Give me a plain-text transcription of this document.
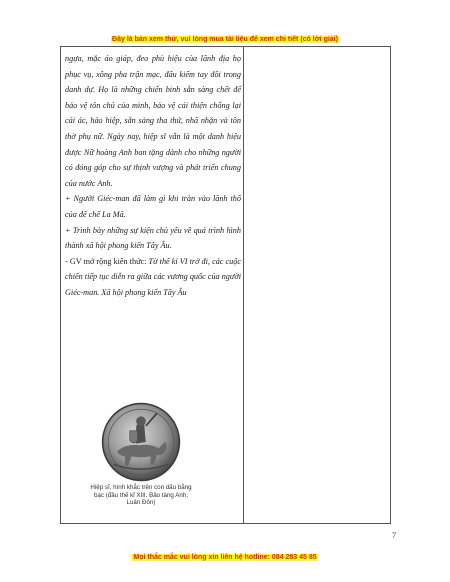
Đây là bản xem thử, vui lòng mua tài liệu để xem chi tiết (có lời giải)

ngựa, mặc áo giáp, đeo phù hiệu của lãnh địa họ phục vụ, xông pha trận mạc, đấu kiếm tay đôi trong danh dự. Họ là những chiến binh sẵn sàng chết để bảo vệ tôn chủ của mình, bảo vệ cái thiện chống lại cái ác, hào hiệp, sẵn sàng tha thứ, nhã nhặn và tôn thờ phụ nữ. Ngày nay, hiệp sĩ vẫn là một danh hiệu được Nữ hoàng Anh ban tặng dành cho những người có đóng góp cho sự thịnh vượng và phát triển chung của nước Anh.

+ Người Giéc-man đã làm gì khi tràn vào lãnh thổ của đế chế La Mã.

+ Trình bày những sự kiện chủ yếu về quá trình hình thành xã hội phong kiến Tây Âu.

- GV mở rộng kiến thức: Từ thế kỉ VI trở đi, các cuộc chiến tiếp tục diễn ra giữa các vương quốc của người Giéc-man. Xã hội phong kiến Tây Âu

Hiệp sĩ, hình khắc trên con dấu bằng bạc (đầu thế kỉ XIII, Bảo tàng Anh, Luân Đôn)
7
Mọi thắc mắc vui lòng xin liên hệ hotline: 084 283 45 85
